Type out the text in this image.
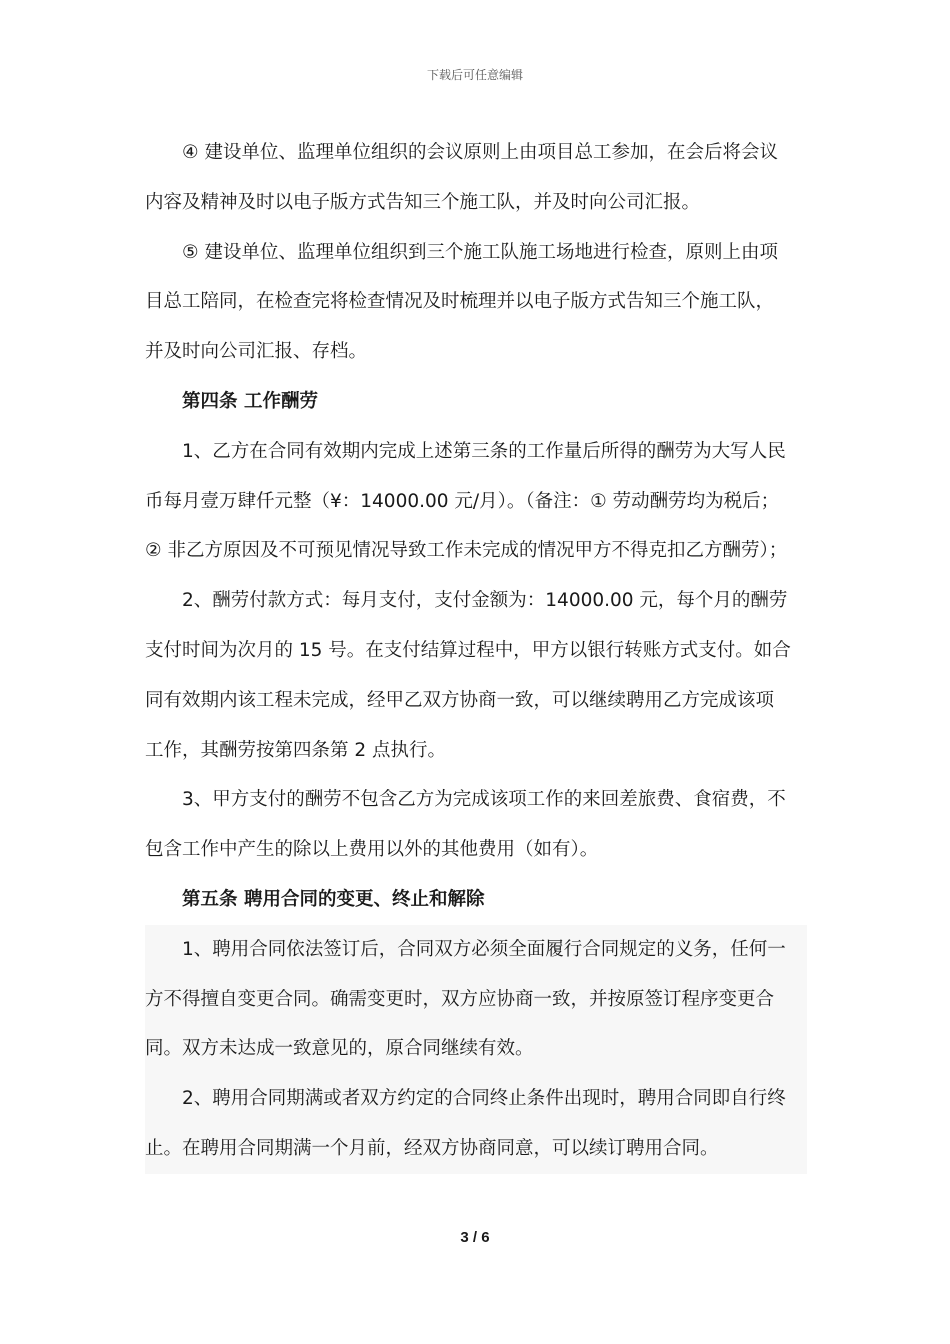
下载后可任意编辑
④ 建设单位、监理单位组织的会议原则上由项目总工参加，在会后将会议
内容及精神及时以电子版方式告知三个施工队，并及时向公司汇报。
⑤ 建设单位、监理单位组织到三个施工队施工场地进行检查，原则上由项
目总工陪同，在检查完将检查情况及时梳理并以电子版方式告知三个施工队，
并及时向公司汇报、存档。
第四条 工作酬劳
1、乙方在合同有效期内完成上述第三条的工作量后所得的酬劳为大写人民
币每月壹万肆仟元整（¥：14000.00 元/月）。（备注：① 劳动酬劳均为税后；
② 非乙方原因及不可预见情况导致工作未完成的情况甲方不得克扣乙方酬劳）；
2、酬劳付款方式：每月支付，支付金额为：14000.00 元，每个月的酬劳
支付时间为次月的 15 号。在支付结算过程中，甲方以银行转账方式支付。如合
同有效期内该工程未完成，经甲乙双方协商一致，可以继续聘用乙方完成该项
工作，其酬劳按第四条第 2 点执行。
3、甲方支付的酬劳不包含乙方为完成该项工作的来回差旅费、食宿费，不
包含工作中产生的除以上费用以外的其他费用（如有）。
第五条 聘用合同的变更、终止和解除
1、聘用合同依法签订后，合同双方必须全面履行合同规定的义务，任何一
方不得擅自变更合同。确需变更时，双方应协商一致，并按原签订程序变更合
同。双方未达成一致意见的，原合同继续有效。
2、聘用合同期满或者双方约定的合同终止条件出现时，聘用合同即自行终
止。在聘用合同期满一个月前，经双方协商同意，可以续订聘用合同。
3 / 6
